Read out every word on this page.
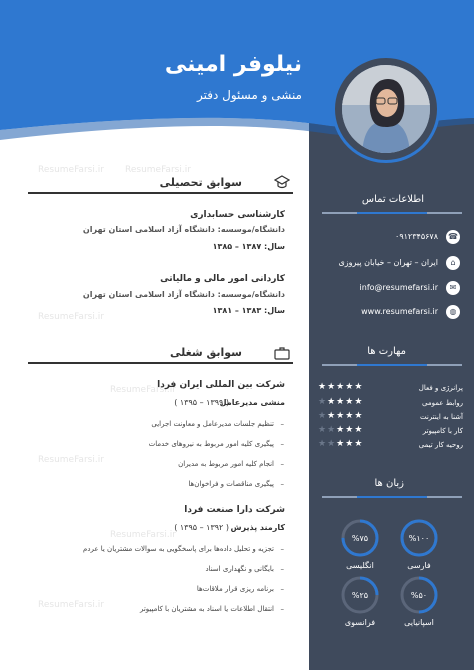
ResumeFarsi.ir ResumeFarsi.ir
ResumeFarsi.ir
ResumeFarsi.ir
ResumeFarsi.ir
ResumeFarsi.ir
ResumeFarsi.ir
نیلوفر امینی
منشی و مسئول دفتر
سوابق تحصیلی
کارشناسی حسابداری
دانشگاه/موسسه: دانشگاه آزاد اسلامی استان تهران
سال: ۱۳۸۷ – ۱۳۸۵
کاردانی امور مالی و مالیاتی
دانشگاه/موسسه: دانشگاه آزاد اسلامی استان تهران
سال: ۱۳۸۳ – ۱۳۸۱
سوابق شغلی
شرکت بین المللی ایران فردا
منشی مدیرعامل
( ۱۳۹۵ – ۱۳۹۹ )
تنظیم جلسات مدیرعامل و معاونت اجرایی
پیگیری کلیه امور مربوط به نیروهای خدمات
انجام کلیه امور مربوط به مدیران
پیگیری مناقصات و فراخوان‌ها
شرکت دارا صنعت فردا
کارمند پذیرش
( ۱۳۹۵ – ۱۳۹۲ )
تجزیه و تحلیل داده‌ها برای پاسخگویی به سوالات مشتریان یا عردم
بایگانی و نگهداری اسناد
برنامه ریزی قرار ملاقات‌ها
انتقال اطلاعات یا اسناد به مشتریان با کامپیوتر
–
–
–
–
–
–
–
–
اطلاعات تماس
☎
۰۹۱۲۳۴۵۶۷۸
⌂
ایران – تهران – خیابان پیروزی
✉
info@resumefarsi.ir
◍
www.resumefarsi.ir
مهارت ها
پرانرژی و فعال
★★★★★
روابط عمومی
★★★★★
آشنا به اینترنت
★★★★★
کار با کامپیوتر
★★★★★
روحیه کار تیمی
★★★★★
زبان ها
%۱۰۰
فارسی
%۷۵
انگلیسی
%۵۰
اسپانیایی
%۲۵
فرانسوی
